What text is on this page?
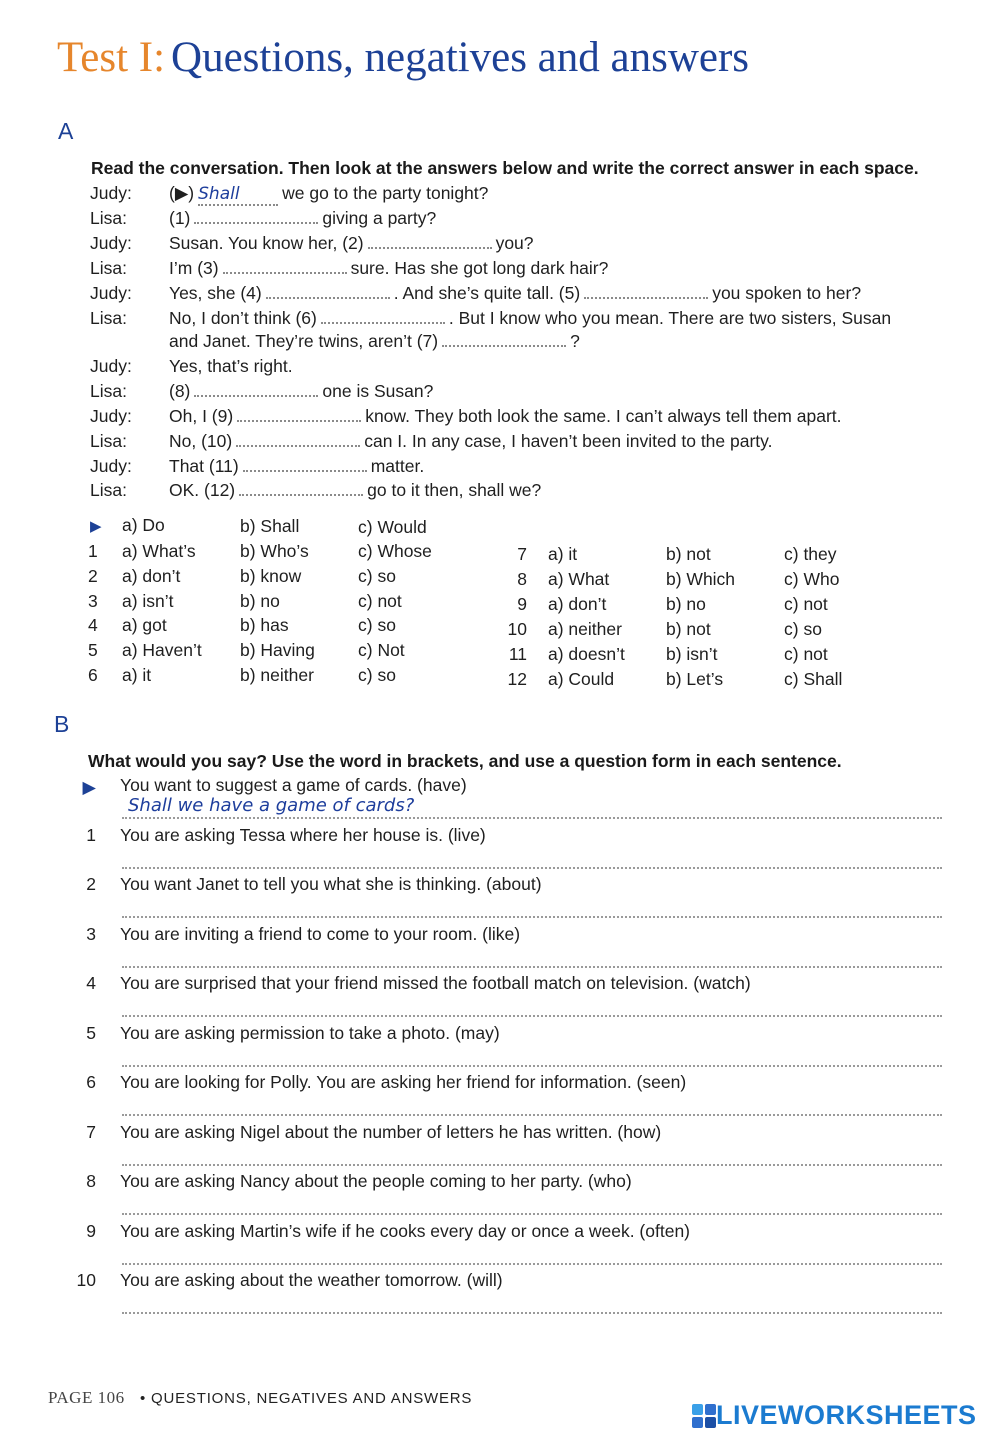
Test I: Questions, negatives and answers
A
Read the conversation. Then look at the answers below and write the correct answer in each space.
Judy: (▶) Shall we go to the party tonight?
Lisa: (1)	giving a party?
Judy: Susan. You know her, (2)	you?
Lisa: I’m (3)	sure. Has she got long dark hair?
Judy: Yes, she (4)	. And she’s quite tall. (5)	you spoken to her?
Lisa: No, I don’t think (6)	. But I know who you mean. There are two sisters, Susan
and Janet. They’re twins, aren’t (7)	?
Judy: Yes, that’s right.
Lisa: (8)	one is Susan?
Judy: Oh, I (9)	know. They both look the same. I can’t always tell them apart.
Lisa: No, (10)	can I. In any case, I haven’t been invited to the party.
Judy: That (11)	matter.
Lisa: OK. (12)	go to it then, shall we?
▶ a) Do	b) Shall	c) Would
1 a) What’s	b) Who’s	c) Whose
2 a) don’t	b) know	c) so
3 a) isn’t	b) no	c) not
4 a) got	b) has	c) so
5 a) Haven’t b) Having c) Not
6 a) it	b) neither	c) so
7 a) it	b) not	c) they
8 a) What	b) Which	c) Who
9 a) don’t	b) no	c) not
10 a) neither	b) not	c) so
11 a) doesn’t b) isn’t	c) not
12 a) Could	b) Let’s	c) Shall
B
What would you say? Use the word in brackets, and use a question form in each sentence.
▶ You want to suggest a game of cards. (have)
Shall we have a game of cards?
1 You are asking Tessa where her house is. (live)
2 You want Janet to tell you what she is thinking. (about)
3 You are inviting a friend to come to your room. (like)
4 You are surprised that your friend missed the football match on television. (watch)
5 You are asking permission to take a photo. (may)
6 You are looking for Polly. You are asking her friend for information. (seen)
7 You are asking Nigel about the number of letters he has written. (how)
8 You are asking Nancy about the people coming to her party. (who)
9 You are asking Martin’s wife if he cooks every day or once a week. (often)
10 You are asking about the weather tomorrow. (will)
PAGE 106 • QUESTIONS, NEGATIVES AND ANSWERS
LIVEWORKSHEETS
